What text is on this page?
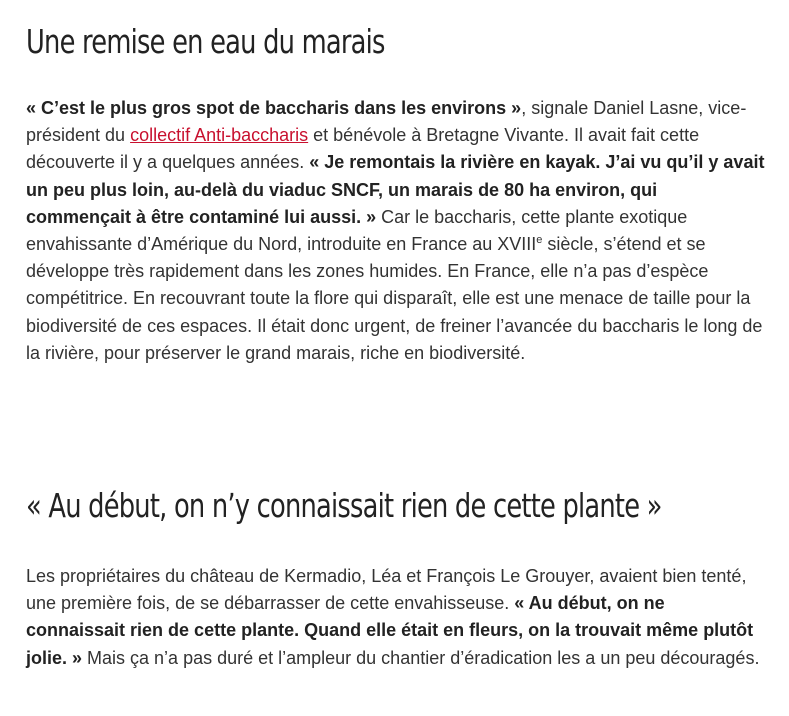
Une remise en eau du marais

« C’est le plus gros spot de baccharis dans les environs », signale Daniel Lasne, vice-président du collectif Anti-baccharis et bénévole à Bretagne Vivante. Il avait fait cette découverte il y a quelques années. « Je remontais la rivière en kayak. J’ai vu qu’il y avait un peu plus loin, au-delà du viaduc SNCF, un marais de 80 ha environ, qui commençait à être contaminé lui aussi. » Car le baccharis, cette plante exotique envahissante d’Amérique du Nord, introduite en France au XVIIIe siècle, s’étend et se développe très rapidement dans les zones humides. En France, elle n’a pas d’espèce compétitrice. En recouvrant toute la flore qui disparaît, elle est une menace de taille pour la biodiversité de ces espaces. Il était donc urgent, de freiner l’avancée du baccharis le long de la rivière, pour préserver le grand marais, riche en biodiversité.

« Au début, on n’y connaissait rien de cette plante »

Les propriétaires du château de Kermadio, Léa et François Le Grouyer, avaient bien tenté, une première fois, de se débarrasser de cette envahisseuse. « Au début, on ne connaissait rien de cette plante. Quand elle était en fleurs, on la trouvait même plutôt jolie. » Mais ça n’a pas duré et l’ampleur du chantier d’éradication les a un peu découragés.
